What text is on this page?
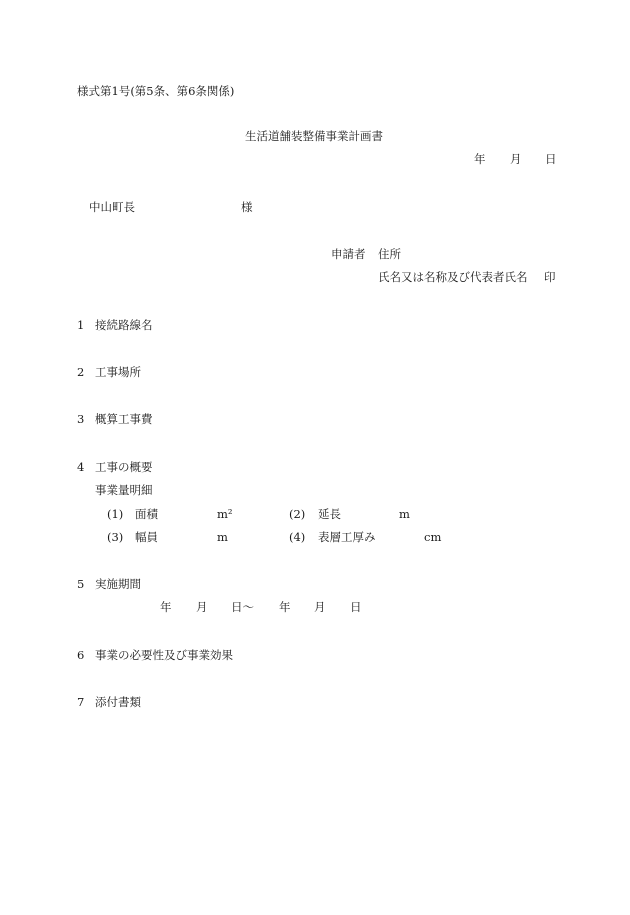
様式第1号(第5条、第6条関係)
生活道舗装整備事業計画書
年 月 日
中山町長	様
申請者 住所
氏名又は名称及び代表者氏名 印
1 接続路線名
2 工事場所
3 概算工事費
4 工事の概要
事業量明細
(1) 面積	m²	(2) 延長	m
(3) 幅員	m	(4) 表層工厚み	cm
5 実施期間
年 月 日〜 年 月 日
6 事業の必要性及び事業効果
7 添付書類
